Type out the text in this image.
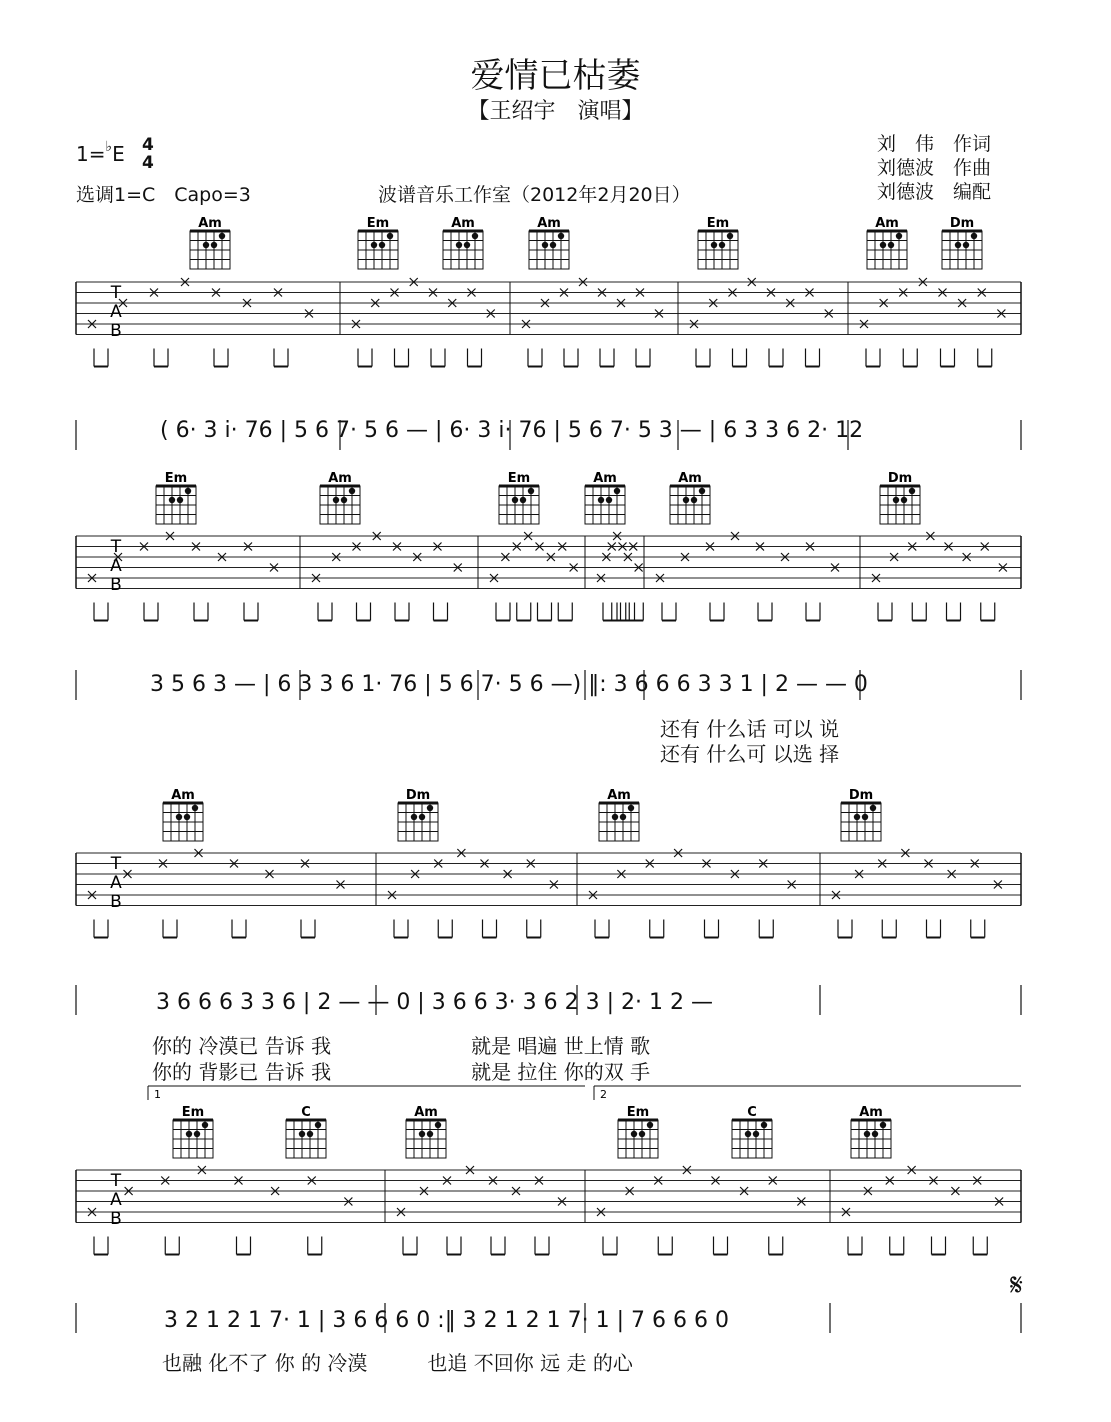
爱情已枯萎
【王绍宇　演唱】
1=♭E 4
4
选调1=C　Capo=3	波谱音乐工作室（2012年2月20日）
刘　伟 作词
刘德波 作曲
刘德波 编配
Am	Em	Am	Am	Em	Am	Dm
T
A
B
Em	Am	Em	Am	Am	Dm
T
A
B
Am	Dm	Am	Dm
T
A
B
Em	C	Am	Em	C	Am
T
A
B
1	2
( 6· 3 i· 76 | 5 6 7· 5 6 — | 6· 3 i· 76 | 5 6 7· 5 3 — | 6 3 3 6 2· 12
3 5 6 3 — | 6 3 3 6 1· 76 | 5 6 7· 5 6 —) ‖: 3 6 6 6 3 3 1 | 2 — — 0
还有 什么话 可以 说
还有 什么可 以选 择
3 6 6 6 3 3 6 | 2 — — 0 | 3 6 6 3· 3 6 2 3 | 2· 1 2 —
你的 冷漠已 告诉 我　　　　　　　就是 唱遍 世上情 歌
你的 背影已 告诉 我　　　　　　　就是 拉住 你的双 手
3 2 1 2 1 7· 1 | 3 6 6 6 0 :‖ 3 2 1 2 1 7· 1 | 7 6 6 6 0
也融 化不了 你 的 冷漠　　　也追 不回你 远 走 的心
𝄋
